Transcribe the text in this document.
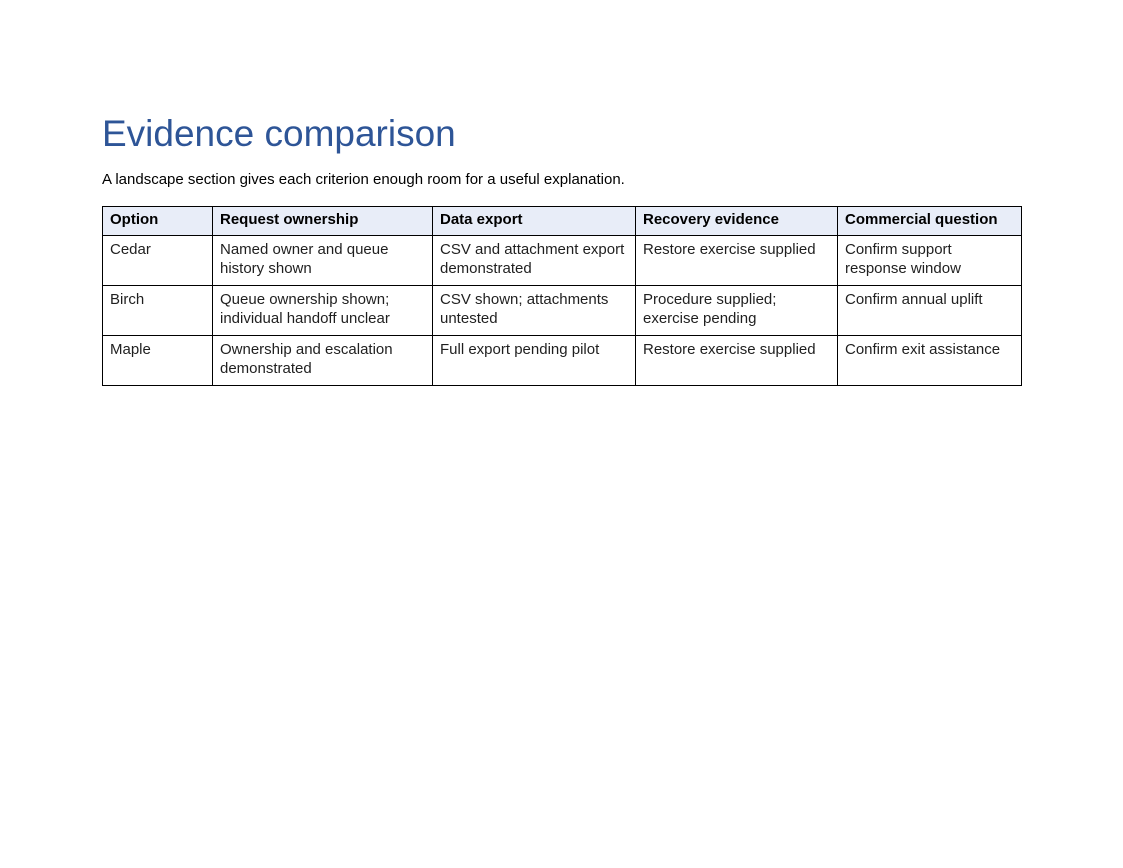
Evidence comparison

A landscape section gives each criterion enough room for a useful explanation.

Option	Request ownership	Data export	Recovery evidence	Commercial question
Cedar	Named owner and queue history shown	CSV and attachment export demonstrated	Restore exercise supplied	Confirm support response window
Birch	Queue ownership shown; individual handoff unclear	CSV shown; attachments untested	Procedure supplied; exercise pending	Confirm annual uplift
Maple	Ownership and escalation demonstrated	Full export pending pilot	Restore exercise supplied	Confirm exit assistance
